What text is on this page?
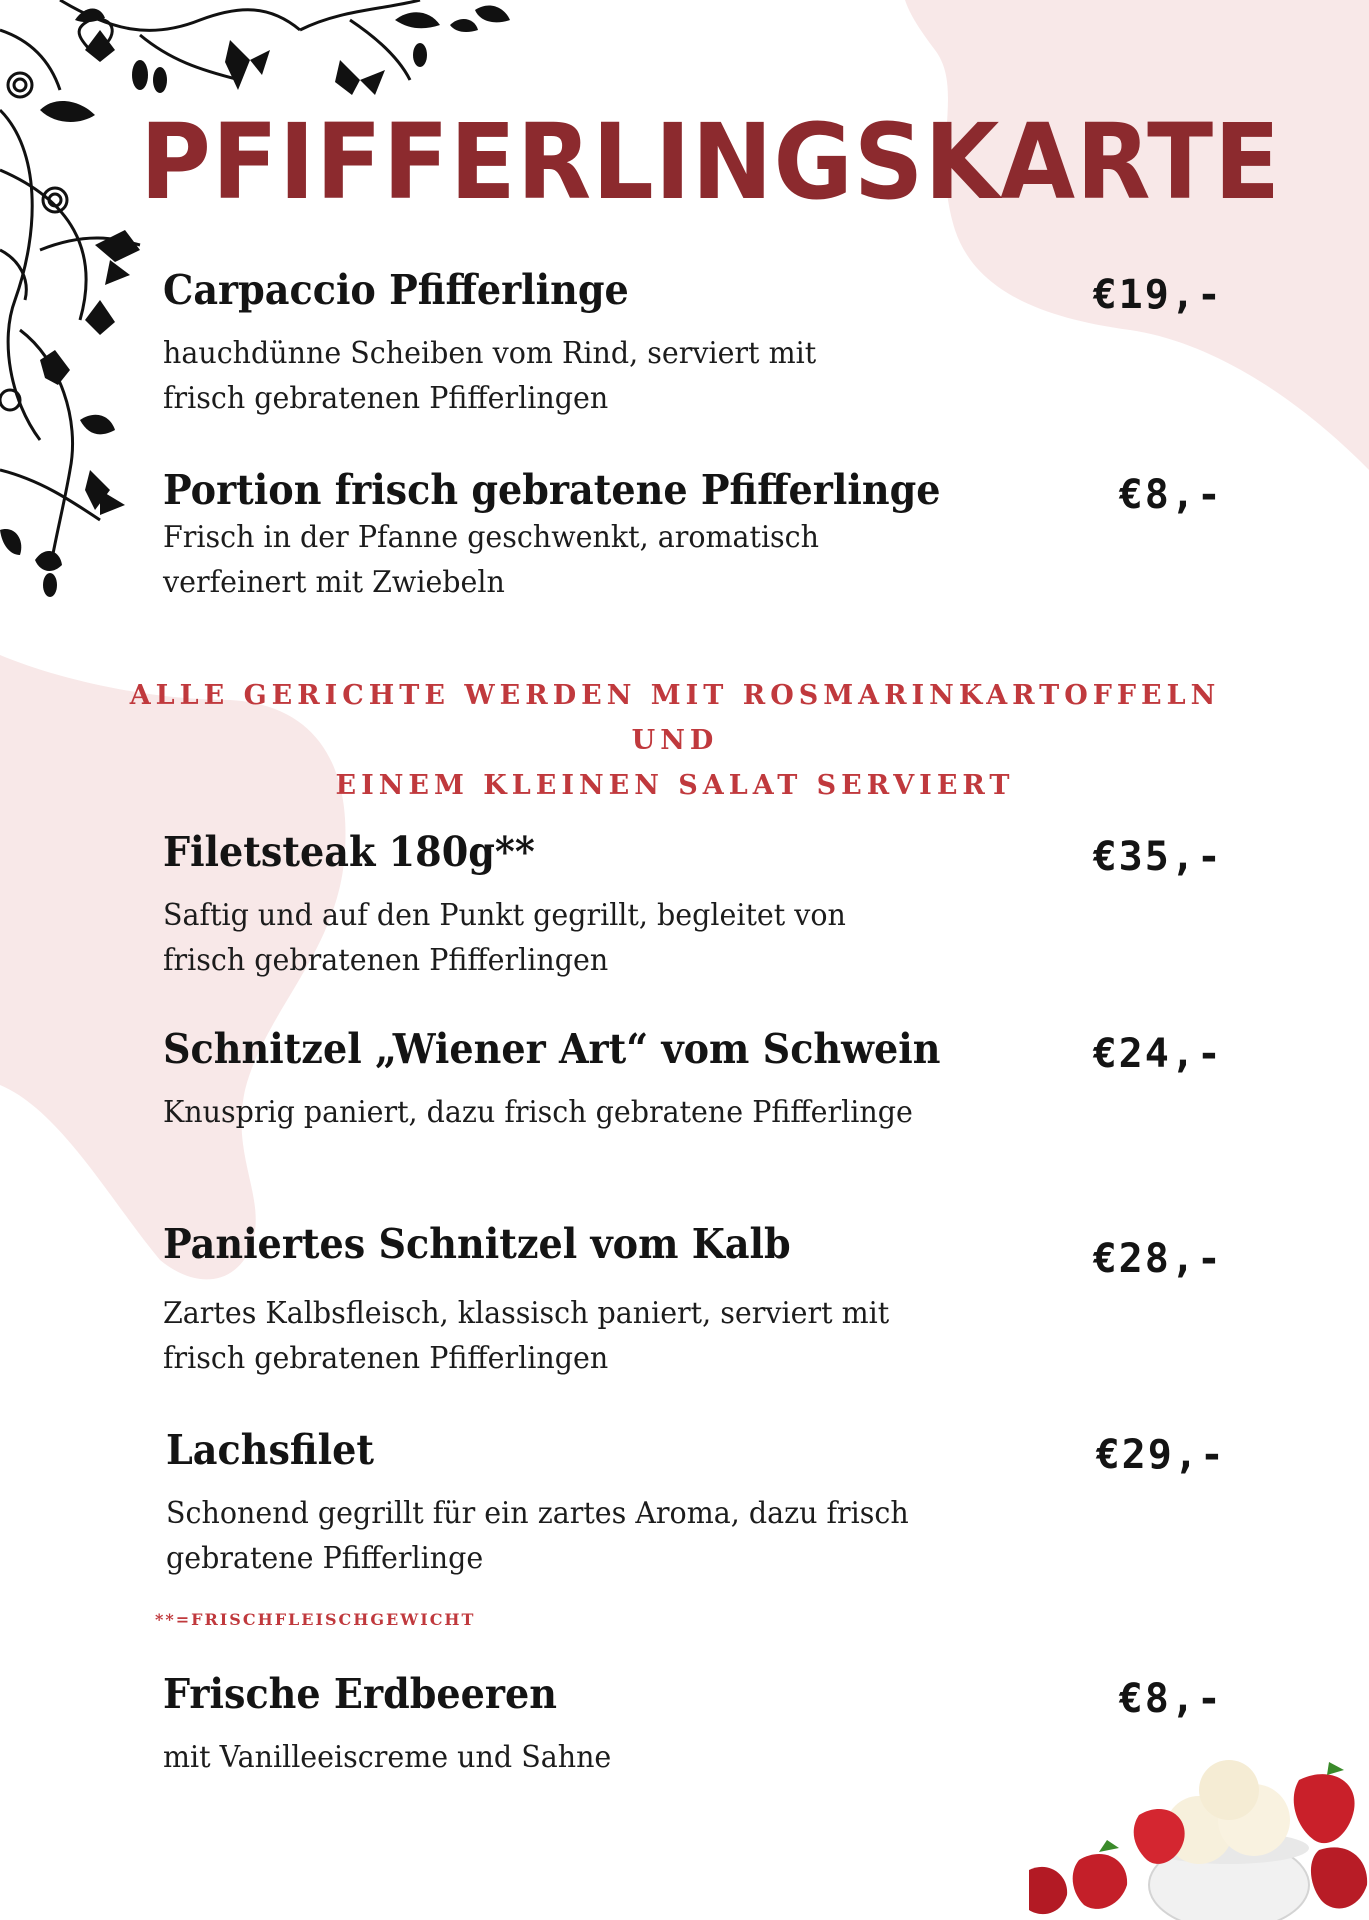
PFIFFERLINGSKARTE
Carpaccio Pfifferlinge	€19,-
hauchdünne Scheiben vom Rind, serviert mit
frisch gebratenen Pfifferlingen
Portion frisch gebratene Pfifferlinge	€8,-
Frisch in der Pfanne geschwenkt, aromatisch
verfeinert mit Zwiebeln
ALLE GERICHTE WERDEN MIT ROSMARINKARTOFFELN UND
EINEM KLEINEN SALAT SERVIERT
Filetsteak 180g**	€35,-
Saftig und auf den Punkt gegrillt, begleitet von
frisch gebratenen Pfifferlingen
Schnitzel „Wiener Art“ vom Schwein	€24,-
Knusprig paniert, dazu frisch gebratene Pfifferlinge
Paniertes Schnitzel vom Kalb	€28,-
Zartes Kalbsfleisch, klassisch paniert, serviert mit
frisch gebratenen Pfifferlingen
Lachsfilet	€29,-
Schonend gegrillt für ein zartes Aroma, dazu frisch
gebratene Pfifferlinge
**=FRISCHFLEISCHGEWICHT
Frische Erdbeeren	€8,-
mit Vanilleeiscreme und Sahne
